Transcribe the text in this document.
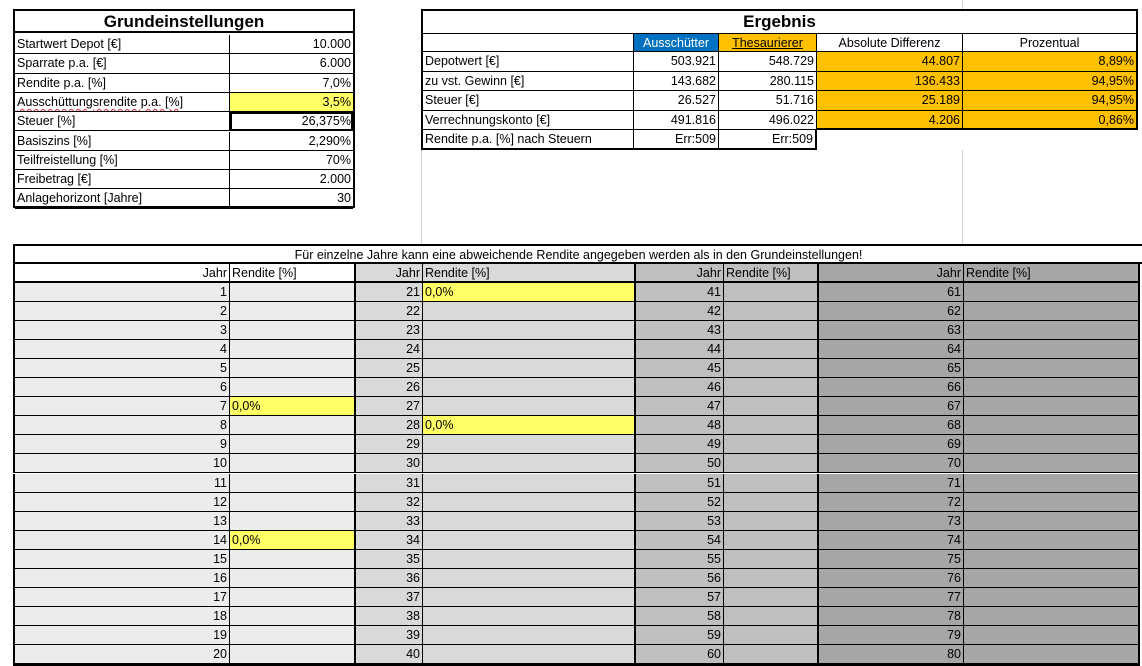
Grundeinstellungen
Startwert Depot [€]	10.000
Sparrate p.a. [€]	6.000
Rendite p.a. [%]	7,0%
Ausschüttungsrendite p.a. [%]	3,5%
Steuer [%]	26,375%
Basiszins [%]	2,290%
Teilfreistellung [%]	70%
Freibetrag [€]	2.000
Anlagehorizont [Jahre]	30
Ergebnis
Ausschütter	Thesaurierer	Absolute Differenz	Prozentual
Depotwert [€]	503.921	548.729	44.807	8,89%
zu vst. Gewinn [€]	143.682	280.115	136.433	94,95%
Steuer [€]	26.527	51.716	25.189	94,95%
Verrechnungskonto [€]	491.816	496.022	4.206	0,86%
Rendite p.a. [%] nach Steuern	Err:509	Err:509
Für einzelne Jahre kann eine abweichende Rendite angegeben werden als in den Grundeinstellungen!
Jahr Rendite [%]
1
2
3
4
5
6
7 0,0%
8
9
10
11
12
13
14 0,0%
15
16
17
18
19
20
Jahr Rendite [%]
21 0,0%
22
23
24
25
26
27
28 0,0%
29
30
31
32
33
34
35
36
37
38
39
40
Jahr Rendite [%]
41
42
43
44
45
46
47
48
49
50
51
52
53
54
55
56
57
58
59
60
Jahr Rendite [%]
61
62
63
64
65
66
67
68
69
70
71
72
73
74
75
76
77
78
79
80
